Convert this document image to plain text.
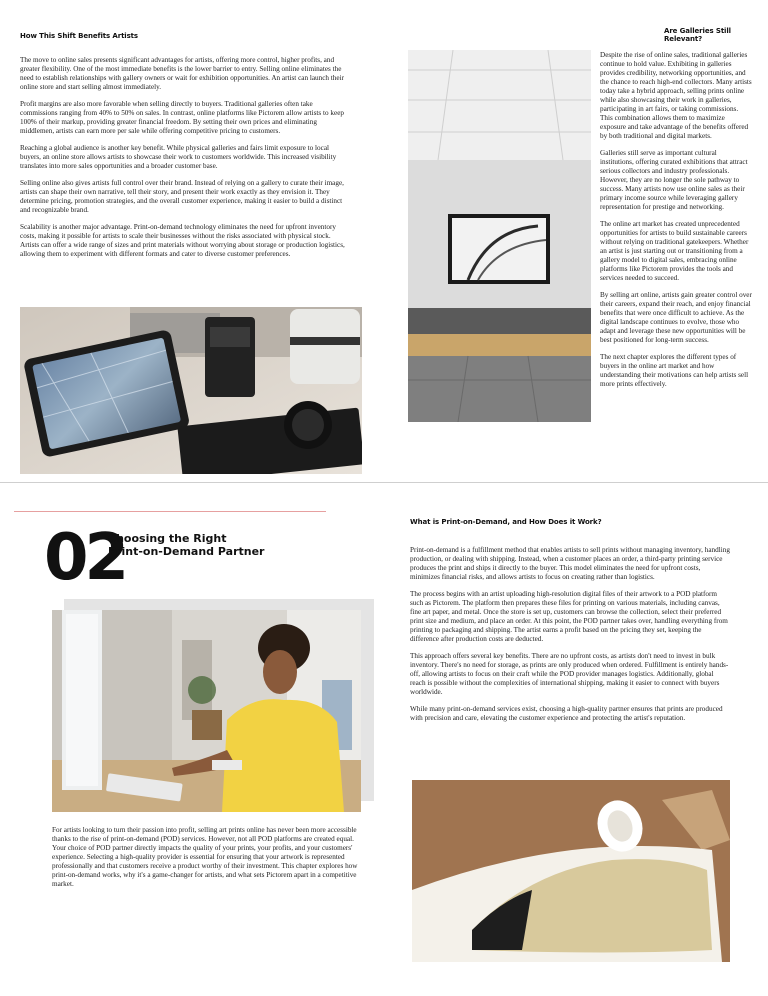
How This Shift Benefits Artists

The move to online sales presents significant advantages for artists, offering more control, higher profits, and greater flexibility. One of the most immediate benefits is the lower barrier to entry. Selling online eliminates the need to establish relationships with gallery owners or wait for exhibition opportunities. An artist can launch their online store and start selling almost immediately.

Profit margins are also more favorable when selling directly to buyers. Traditional galleries often take commissions ranging from 40% to 50% on sales. In contrast, online platforms like Pictorem allow artists to keep 100% of their markup, providing greater financial freedom. By setting their own prices and eliminating middlemen, artists can earn more per sale while offering competitive pricing to customers.

Reaching a global audience is another key benefit. While physical galleries and fairs limit exposure to local buyers, an online store allows artists to showcase their work to customers worldwide. This increased visibility translates into more sales opportunities and a broader customer base.

Selling online also gives artists full control over their brand. Instead of relying on a gallery to curate their image, artists can shape their own narrative, tell their story, and present their work exactly as they envision it. They determine pricing, promotion strategies, and the overall customer experience, making it easier to build a distinct and recognizable brand.

Scalability is another major advantage. Print-on-demand technology eliminates the need for upfront inventory costs, making it possible for artists to scale their businesses without the risks associated with physical stock. Artists can offer a wide range of sizes and print materials without worrying about storage or production logistics, allowing them to experiment with different formats and cater to diverse customer preferences.

Are Galleries Still Relevant?

Despite the rise of online sales, traditional galleries continue to hold value. Exhibiting in galleries provides credibility, networking opportunities, and the chance to reach high-end collectors. Many artists today take a hybrid approach, selling prints online while also showcasing their work in galleries, participating in art fairs, or taking commissions. This combination allows them to maximize exposure and take advantage of the benefits offered by both traditional and digital markets.

Galleries still serve as important cultural institutions, offering curated exhibitions that attract serious collectors and industry professionals. However, they are no longer the sole pathway to success. Many artists now use online sales as their primary income source while leveraging gallery representation for prestige and networking.

The online art market has created unprecedented opportunities for artists to build sustainable careers without relying on traditional gatekeepers. Whether an artist is just starting out or transitioning from a gallery model to digital sales, embracing online platforms like Pictorem provides the tools and services needed to succeed.

By selling art online, artists gain greater control over their careers, expand their reach, and enjoy financial benefits that were once difficult to achieve. As the digital landscape continues to evolve, those who adapt and leverage these new opportunities will be best positioned for long-term success.

The next chapter explores the different types of buyers in the online art market and how understanding their motivations can help artists sell more prints effectively.

02
Choosing the Right
Print-on-Demand Partner

For artists looking to turn their passion into profit, selling art prints online has never been more accessible thanks to the rise of print-on-demand (POD) services. However, not all POD platforms are created equal. Your choice of POD partner directly impacts the quality of your prints, your profits, and your customers' experience. Selecting a high-quality provider is essential for ensuring that your artwork is represented professionally and that customers receive a product worthy of their investment. This chapter explores how print-on-demand works, why it's a game-changer for artists, and what sets Pictorem apart in a competitive market.

What is Print-on-Demand, and How Does it Work?

Print-on-demand is a fulfillment method that enables artists to sell prints without managing inventory, handling production, or dealing with shipping. Instead, when a customer places an order, a third-party printing service produces the print and ships it directly to the buyer. This model eliminates the need for upfront costs, minimizes financial risks, and allows artists to focus on creating rather than logistics.

The process begins with an artist uploading high-resolution digital files of their artwork to a POD platform such as Pictorem. The platform then prepares these files for printing on various materials, including canvas, fine art paper, and metal. Once the store is set up, customers can browse the collection, select their preferred print size and medium, and place an order. At this point, the POD partner takes over, handling everything from printing to packaging and shipping. The artist earns a profit based on the pricing they set, keeping the difference after production costs are deducted.

This approach offers several key benefits. There are no upfront costs, as artists don't need to invest in bulk inventory. There's no need for storage, as prints are only produced when ordered. Fulfillment is entirely hands-off, allowing artists to focus on their craft while the POD provider manages logistics. Additionally, global reach is possible without the complexities of international shipping, making it easier to connect with buyers worldwide.

While many print-on-demand services exist, choosing a high-quality partner ensures that prints are produced with precision and care, elevating the customer experience and protecting the artist's reputation.
